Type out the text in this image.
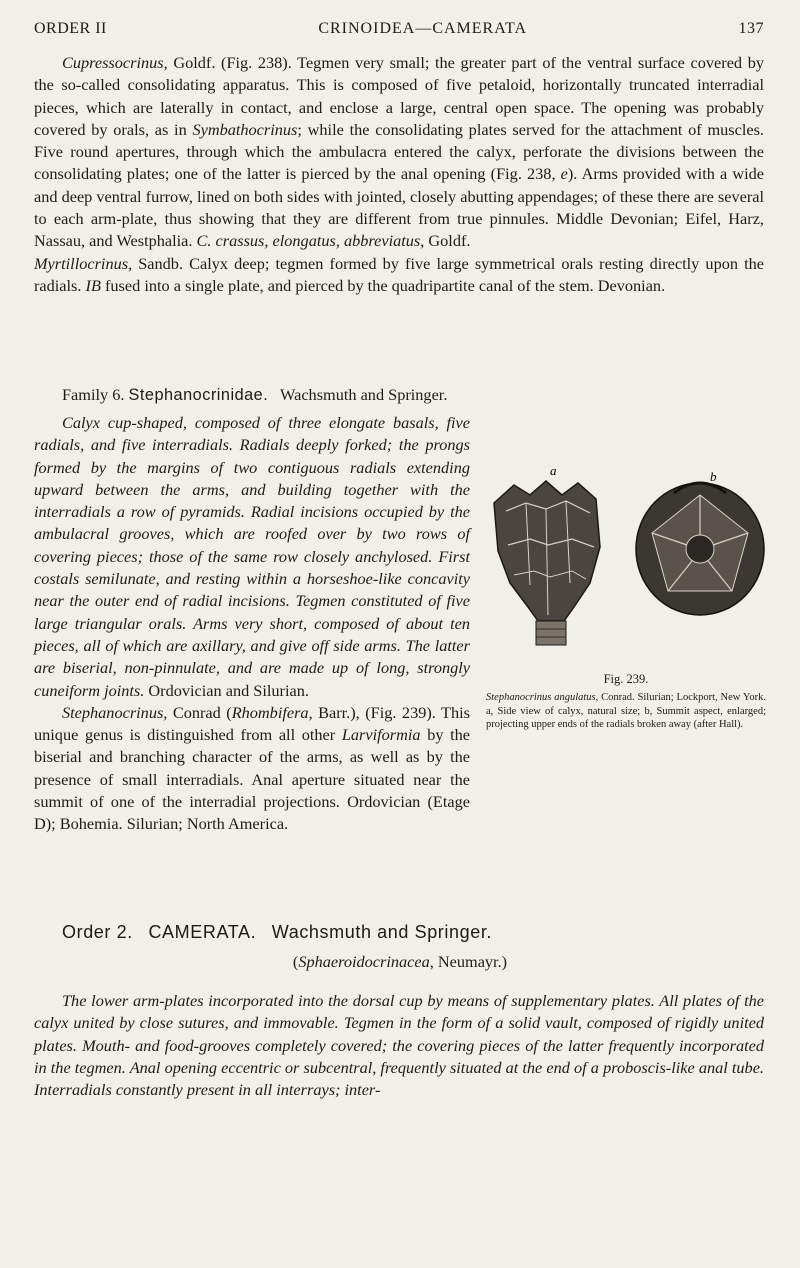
ORDER II	CRINOIDEA—CAMERATA	137

Cupressocrinus, Goldf. (Fig. 238). Tegmen very small; the greater part of the ventral surface covered by the so-called consolidating apparatus. This is composed of five petaloid, horizontally truncated interradial pieces, which are laterally in contact, and enclose a large, central open space. The opening was probably covered by orals, as in Symbathocrinus; while the consolidating plates served for the attachment of muscles. Five round apertures, through which the ambulacra entered the calyx, perforate the divisions between the consolidating plates; one of the latter is pierced by the anal opening (Fig. 238, e). Arms provided with a wide and deep ventral furrow, lined on both sides with jointed, closely abutting appendages; of these there are several to each arm-plate, thus showing that they are different from true pinnules. Middle Devonian; Eifel, Harz, Nassau, and Westphalia. C. crassus, elongatus, abbreviatus, Goldf.
Myrtillocrinus, Sandb. Calyx deep; tegmen formed by five large symmetrical orals resting directly upon the radials. IB fused into a single plate, and pierced by the quadripartite canal of the stem. Devonian.

Family 6. Stephanocrinidae. Wachsmuth and Springer.
Calyx cup-shaped, composed of three elongate basals, five radials, and five interradials. Radials deeply forked; the prongs formed by the margins of two contiguous radials extending upward between the arms, and building together with the interradials a row of pyramids. Radial incisions occupied by the ambulacral grooves, which are roofed over by two rows of covering pieces; those of the same row closely anchylosed. First costals semilunate, and resting within a horseshoe-like concavity near the outer end of radial incisions. Tegmen constituted of five large triangular orals. Arms very short, composed of about ten pieces, all of which are axillary, and give off side arms. The latter are biserial, non-pinnulate, and are made up of long, strongly cuneiform joints. Ordovician and Silurian.
Stephanocrinus, Conrad (Rhombifera, Barr.), (Fig. 239). This unique genus is distinguished from all other Larviformia by the biserial and branching character of the arms, as well as by the presence of small interradials. Anal aperture situated near the summit of one of the interradial projections. Ordovician (Etage D); Bohemia. Silurian; North America.
a	b
Fig. 239.
Stephanocrinus angulatus, Conrad. Silurian; Lockport, New York. a, Side view of calyx, natural size; b, Summit aspect, enlarged; projecting upper ends of the radials broken away (after Hall).
Order 2. CAMERATA. Wachsmuth and Springer.
(Sphaeroidocrinacea, Neumayr.)

The lower arm-plates incorporated into the dorsal cup by means of supplementary plates. All plates of the calyx united by close sutures, and immovable. Tegmen in the form of a solid vault, composed of rigidly united plates. Mouth- and food-grooves completely covered; the covering pieces of the latter frequently incorporated in the tegmen. Anal opening eccentric or subcentral, frequently situated at the end of a proboscis-like anal tube. Interradials constantly present in all interrays; inter-
